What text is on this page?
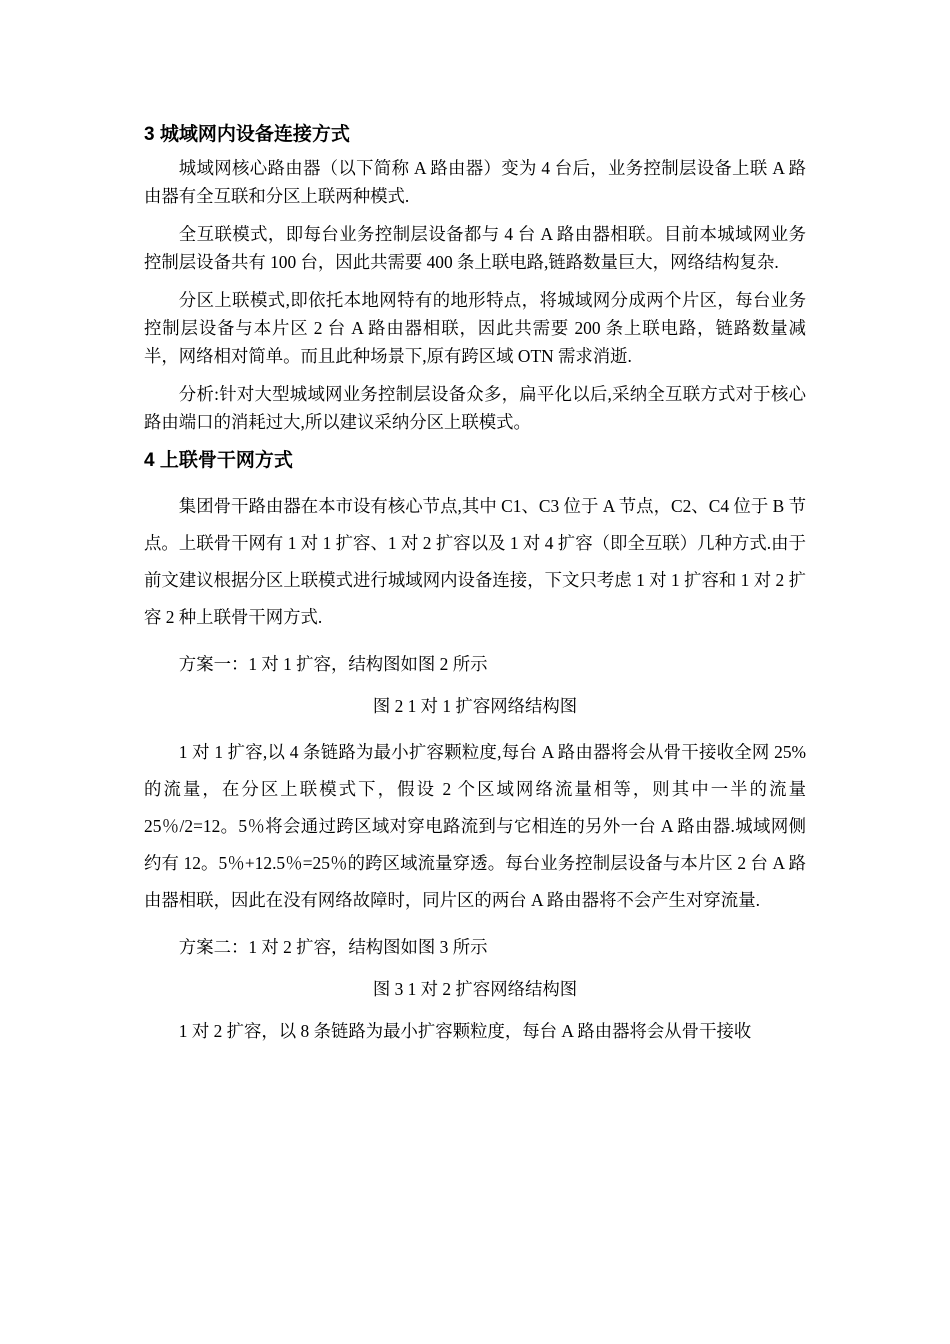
3 城域网内设备连接方式

城域网核心路由器（以下简称 A 路由器）变为 4 台后，业务控制层设备上联 A 路由器有全互联和分区上联两种模式.

全互联模式，即每台业务控制层设备都与 4 台 A 路由器相联。目前本城域网业务控制层设备共有 100 台，因此共需要 400 条上联电路,链路数量巨大，网络结构复杂.

分区上联模式,即依托本地网特有的地形特点，将城域网分成两个片区，每台业务控制层设备与本片区 2 台 A 路由器相联，因此共需要 200 条上联电路，链路数量减半，网络相对简单。而且此种场景下,原有跨区域 OTN 需求消逝.

分析:针对大型城域网业务控制层设备众多，扁平化以后,采纳全互联方式对于核心路由端口的消耗过大,所以建议采纳分区上联模式。

4 上联骨干网方式

集团骨干路由器在本市设有核心节点,其中 C1、C3 位于 A 节点，C2、C4 位于 B 节点。上联骨干网有 1 对 1 扩容、1 对 2 扩容以及 1 对 4 扩容（即全互联）几种方式.由于前文建议根据分区上联模式进行城域网内设备连接，下文只考虑 1 对 1 扩容和 1 对 2 扩容 2 种上联骨干网方式.

方案一：1 对 1 扩容，结构图如图 2 所示

图 2 1 对 1 扩容网络结构图

1 对 1 扩容,以 4 条链路为最小扩容颗粒度,每台 A 路由器将会从骨干接收全网 25%的流量，在分区上联模式下，假设 2 个区域网络流量相等，则其中一半的流量 25％/2=12。5％将会通过跨区域对穿电路流到与它相连的另外一台 A 路由器.城域网侧约有 12。5％+12.5％=25％的跨区域流量穿透。每台业务控制层设备与本片区 2 台 A 路由器相联，因此在没有网络故障时，同片区的两台 A 路由器将不会产生对穿流量.

方案二：1 对 2 扩容，结构图如图 3 所示

图 3 1 对 2 扩容网络结构图

1 对 2 扩容，以 8 条链路为最小扩容颗粒度，每台 A 路由器将会从骨干接收
